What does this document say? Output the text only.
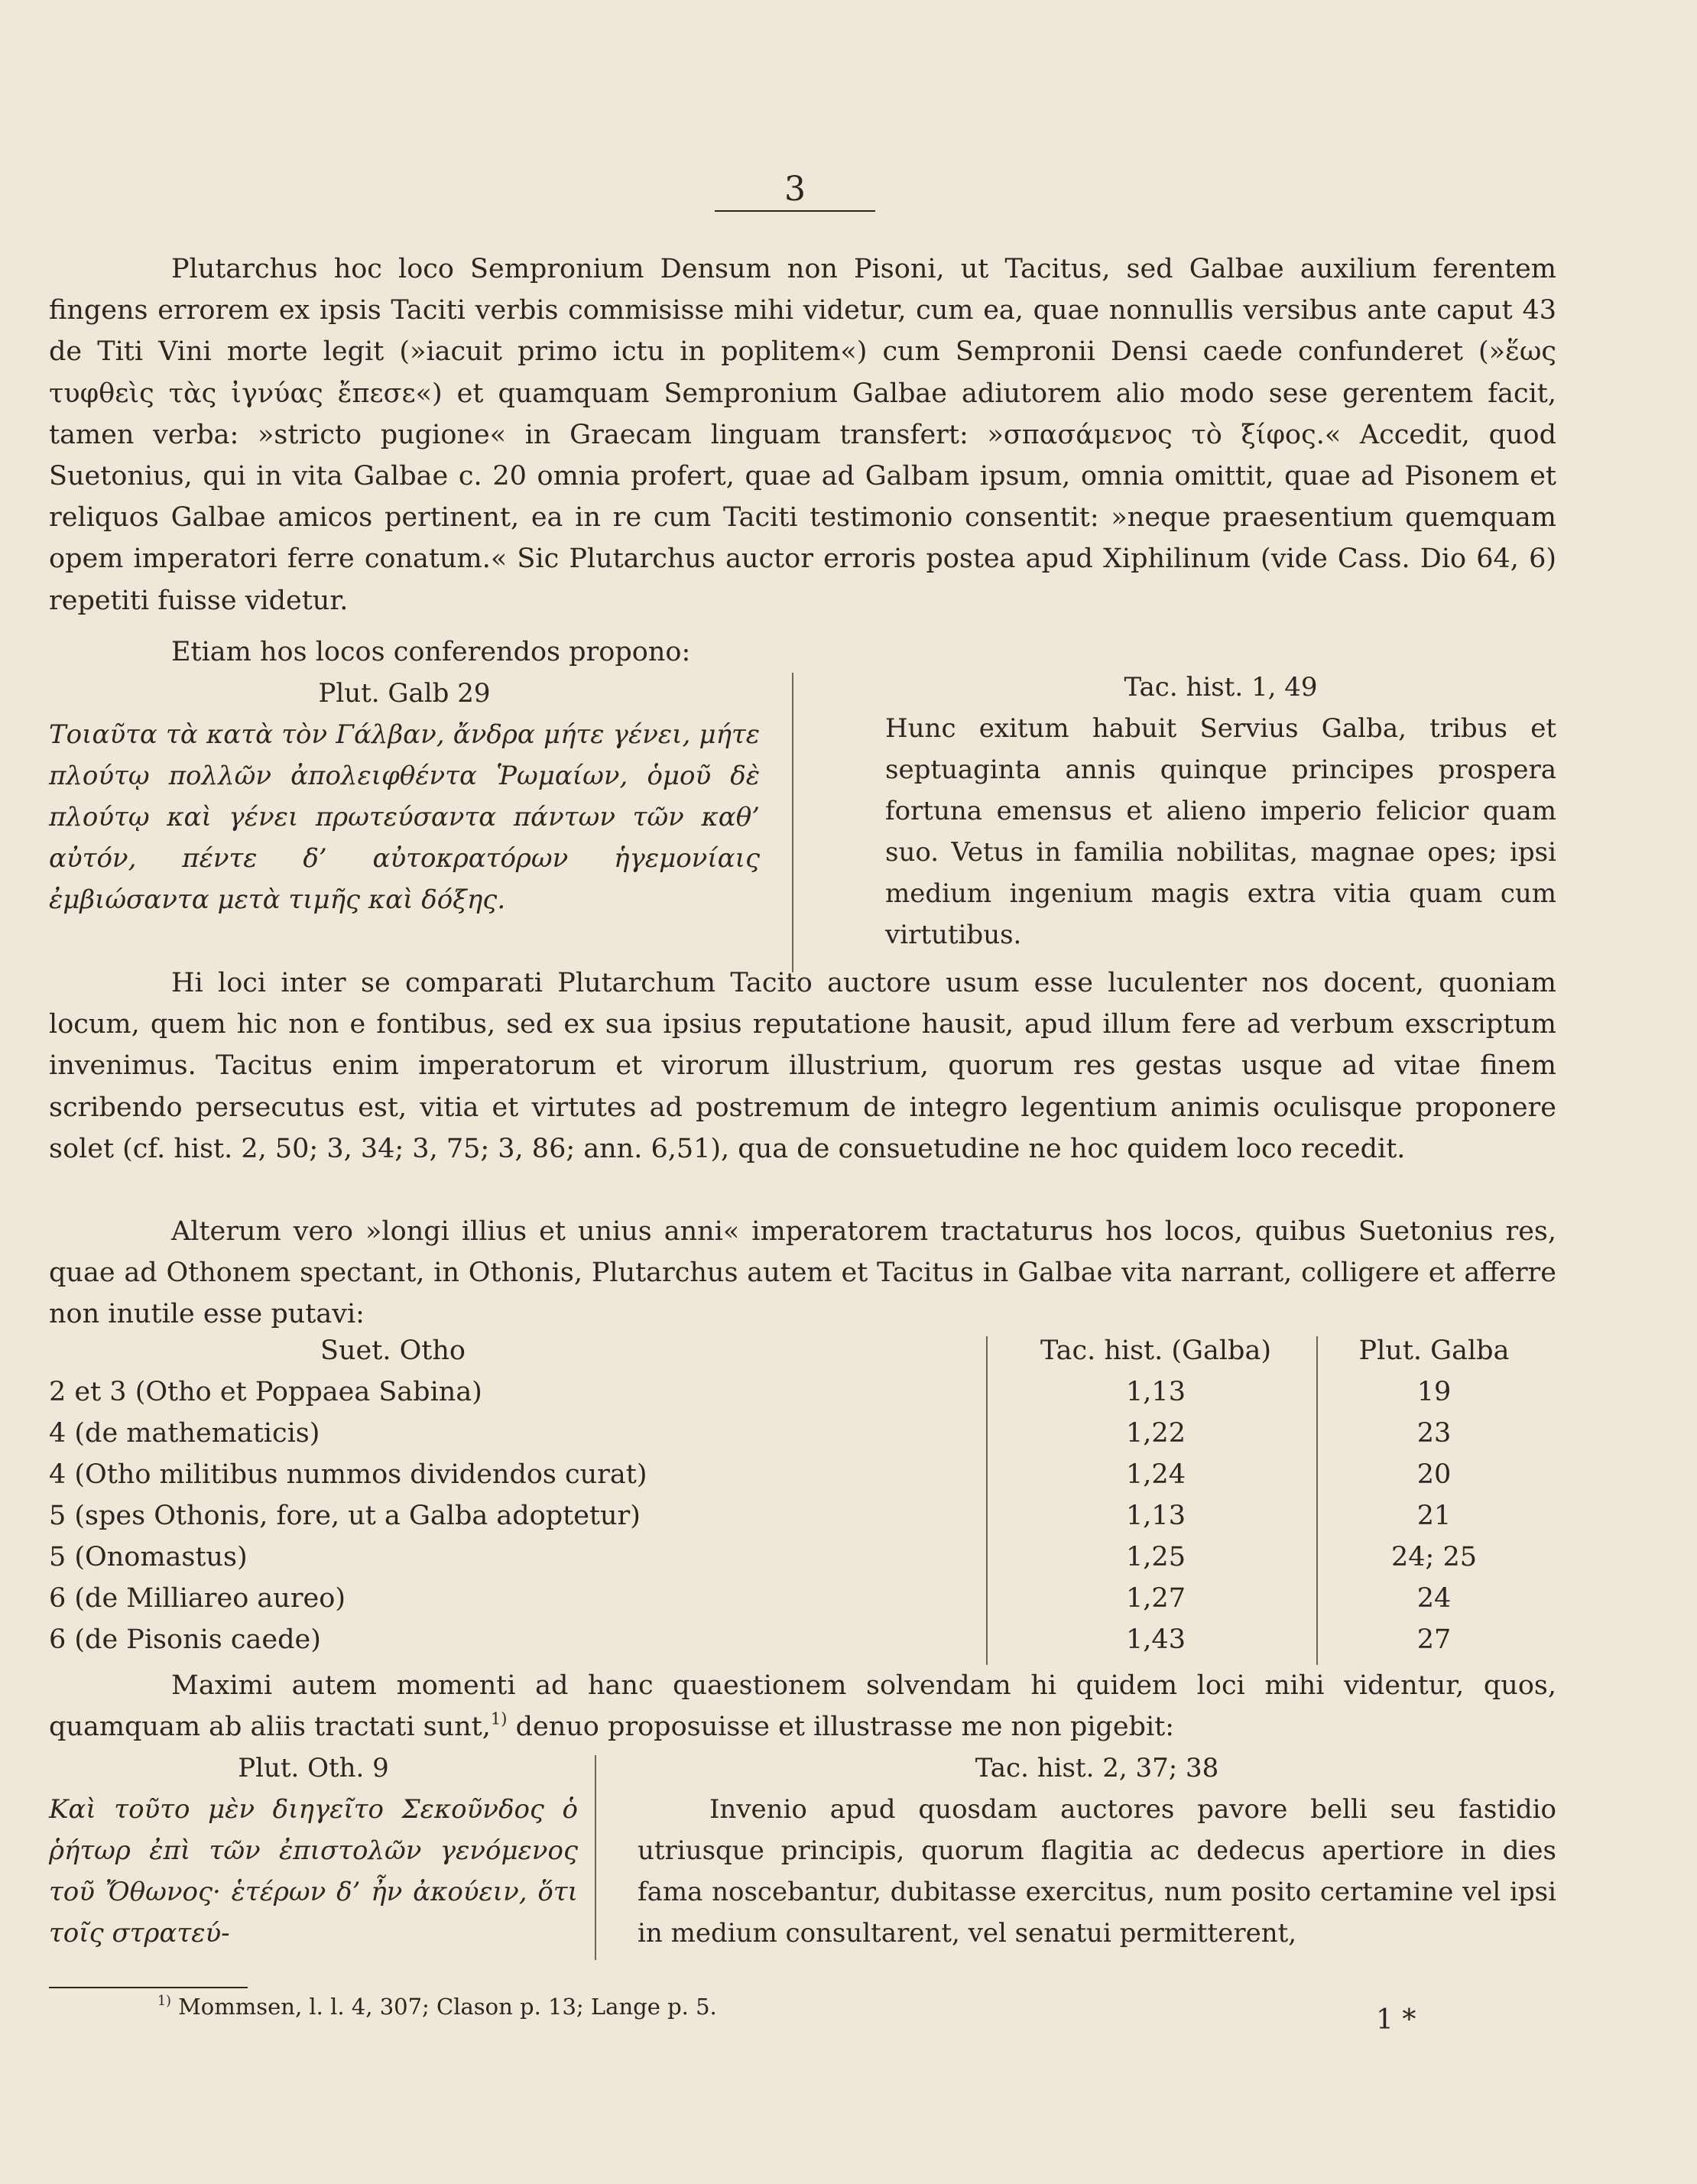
3

Plutarchus hoc loco Sempronium Densum non Pisoni, ut Tacitus, sed Galbae auxilium ferentem fingens errorem ex ipsis Taciti verbis commisisse mihi videtur, cum ea, quae nonnullis versibus ante caput 43 de Titi Vini morte legit (»iacuit primo ictu in poplitem«) cum Sempronii Densi caede confunderet (»ἕως τυφθεὶς τὰς ἰγνύας ἔπεσε«) et quamquam Sempronium Galbae adiutorem alio modo sese gerentem facit, tamen verba: »stricto pugione« in Graecam linguam transfert: »σπασάμενος τὸ ξίφος.« Accedit, quod Suetonius, qui in vita Galbae c. 20 omnia profert, quae ad Galbam ipsum, omnia omittit, quae ad Pisonem et reliquos Galbae amicos pertinent, ea in re cum Taciti testimonio consentit: »neque praesentium quemquam opem imperatori ferre conatum.« Sic Plutarchus auctor erroris postea apud Xiphilinum (vide Cass. Dio 64, 6) repetiti fuisse videtur.

Etiam hos locos conferendos propono:

Plut. Galb 29
Τοιαῦτα τὰ κατὰ τὸν Γάλβαν, ἄνδρα μήτε γένει, μήτε πλούτῳ πολλῶν ἀπολειφθέντα Ῥωμαίων, ὁμοῦ δὲ πλούτῳ καὶ γένει πρωτεύσαντα πάντων τῶν καθ’ αὐτόν, πέντε δ’ αὐτοκρατόρων ἡγεμονίαις ἐμβιώσαντα μετὰ τιμῆς καὶ δόξης.
Tac. hist. 1, 49
Hunc exitum habuit Servius Galba, tribus et septuaginta annis quinque principes prospera fortuna emensus et alieno imperio felicior quam suo. Vetus in familia nobilitas, magnae opes; ipsi medium ingenium magis extra vitia quam cum virtutibus.

Hi loci inter se comparati Plutarchum Tacito auctore usum esse luculenter nos docent, quoniam locum, quem hic non e fontibus, sed ex sua ipsius reputatione hausit, apud illum fere ad verbum exscriptum invenimus. Tacitus enim imperatorum et virorum illustrium, quorum res gestas usque ad vitae finem scribendo persecutus est, vitia et virtutes ad postremum de integro legentium animis oculisque proponere solet (cf. hist. 2, 50; 3, 34; 3, 75; 3, 86; ann. 6,51), qua de consuetudine ne hoc quidem loco recedit.

Alterum vero »longi illius et unius anni« imperatorem tractaturus hos locos, quibus Suetonius res, quae ad Othonem spectant, in Othonis, Plutarchus autem et Tacitus in Galbae vita narrant, colligere et afferre non inutile esse putavi:

Suet. Otho	Tac. hist. (Galba)	Plut. Galba
2 et 3 (Otho et Poppaea Sabina)	1,13	19
4 (de mathematicis)	1,22	23
4 (Otho militibus nummos dividendos curat)	1,24	20
5 (spes Othonis, fore, ut a Galba adoptetur)	1,13	21
5 (Onomastus)	1,25	24; 25
6 (de Milliareo aureo)	1,27	24
6 (de Pisonis caede)	1,43	27

Maximi autem momenti ad hanc quaestionem solvendam hi quidem loci mihi videntur, quos, quamquam ab aliis tractati sunt,$^{1)}$ denuo proposuisse et illustrasse me non pigebit:

Plut. Oth. 9
Καὶ τοῦτο μὲν διηγεῖτο Σεκοῦνδος ὁ ῥήτωρ ἐπὶ τῶν ἐπιστολῶν γενόμενος τοῦ Ὄθωνος· ἑτέρων δ’ ἦν ἀκούειν, ὅτι τοῖς στρατεύ-
Tac. hist. 2, 37; 38
Invenio apud quosdam auctores pavore belli seu fastidio utriusque principis, quorum flagitia ac dedecus apertiore in dies fama noscebantur, dubitasse exercitus, num posito certamine vel ipsi in medium consultarent, vel senatui permitterent,
$^{1)}$ Mommsen, l. l. 4, 307; Clason p. 13; Lange p. 5.	1 *
